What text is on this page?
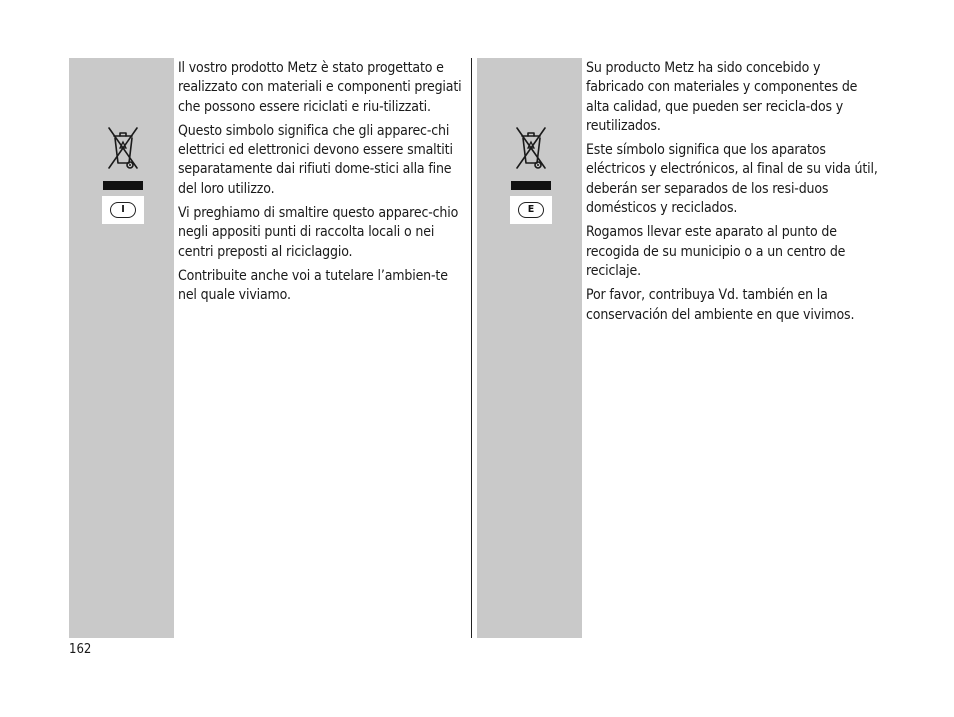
I

Il vostro prodotto Metz è stato progettato e realizzato con materiali e componenti pregiati che possono essere riciclati e riu-tilizzati.

Questo simbolo significa che gli apparec-chi elettrici ed elettronici devono essere smaltiti separatamente dai rifiuti dome-stici alla fine del loro utilizzo.

Vi preghiamo di smaltire questo apparec-chio negli appositi punti di raccolta locali o nei centri preposti al riciclaggio.

Contribuite anche voi a tutelare l’ambien-te nel quale viviamo.

E

Su producto Metz ha sido concebido y fabricado con materiales y componentes de alta calidad, que pueden ser recicla-dos y reutilizados.

Este símbolo significa que los aparatos eléctricos y electrónicos, al final de su vida útil, deberán ser separados de los resi-duos domésticos y reciclados.

Rogamos llevar este aparato al punto de recogida de su municipio o a un centro de reciclaje.

Por favor, contribuya Vd. también en la conservación del ambiente en que vivimos.

162
